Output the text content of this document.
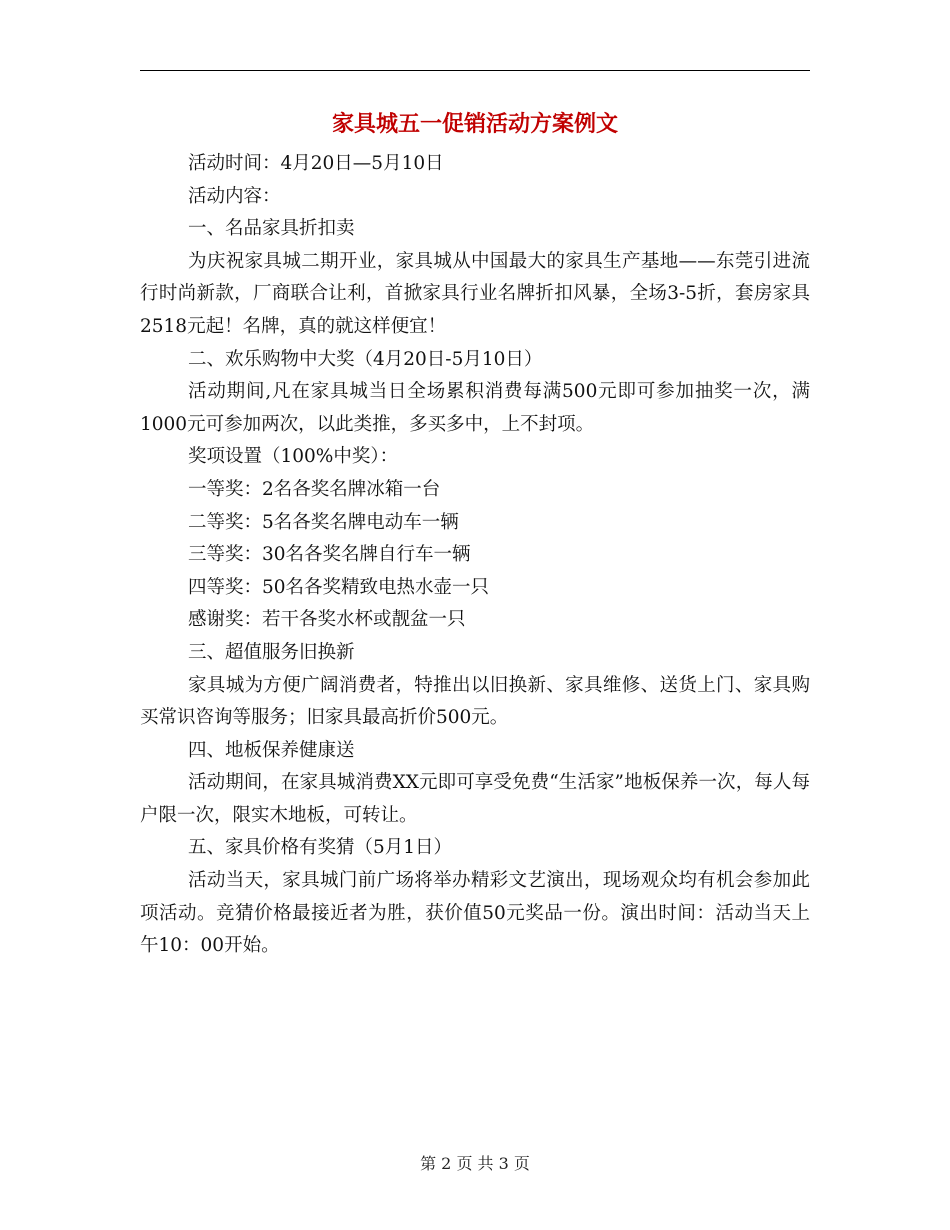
家具城五一促销活动方案例文

活动时间：4月20日—5月10日

活动内容：

一、名品家具折扣卖

为庆祝家具城二期开业，家具城从中国最大的家具生产基地——东莞引进流行时尚新款，厂商联合让利，首掀家具行业名牌折扣风暴，全场3-5折，套房家具2518元起！名牌，真的就这样便宜！

二、欢乐购物中大奖（4月20日-5月10日）

活动期间,凡在家具城当日全场累积消费每满500元即可参加抽奖一次，满1000元可参加两次，以此类推，多买多中，上不封项。

奖项设置（100%中奖）：

一等奖：2名各奖名牌冰箱一台

二等奖：5名各奖名牌电动车一辆

三等奖：30名各奖名牌自行车一辆

四等奖：50名各奖精致电热水壶一只

感谢奖：若干各奖水杯或靓盆一只

三、超值服务旧换新

家具城为方便广阔消费者，特推出以旧换新、家具维修、送货上门、家具购买常识咨询等服务；旧家具最高折价500元。

四、地板保养健康送

活动期间，在家具城消费XX元即可享受免费“生活家”地板保养一次，每人每户限一次，限实木地板，可转让。

五、家具价格有奖猜（5月1日）

活动当天，家具城门前广场将举办精彩文艺演出，现场观众均有机会参加此项活动。竞猜价格最接近者为胜，获价值50元奖品一份。演出时间：活动当天上午10：00开始。

第 2 页 共 3 页
